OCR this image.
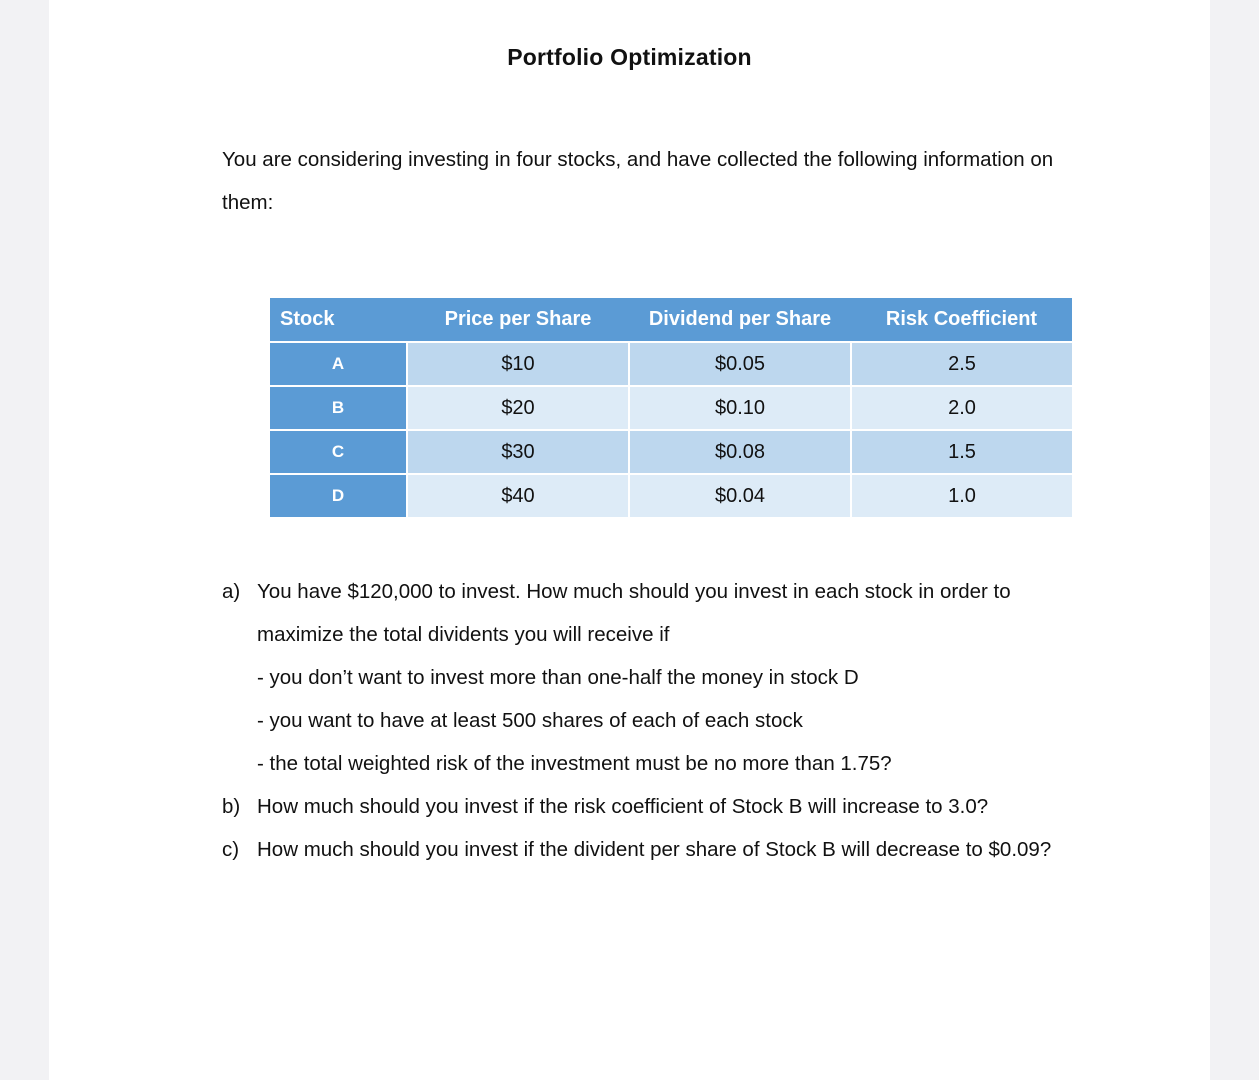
Portfolio Optimization
You are considering investing in four stocks, and have collected the following information on them:
Stock	Price per Share	Dividend per Share	Risk Coefficient
A	$10	$0.05	2.5
B	$20	$0.10	2.0
C	$30	$0.08	1.5
D	$40	$0.04	1.0
a) You have $120,000 to invest. How much should you invest in each stock in order to maximize the total dividents you will receive if
- you don’t want to invest more than one-half the money in stock D
- you want to have at least 500 shares of each of each stock
- the total weighted risk of the investment must be no more than 1.75?
b) How much should you invest if the risk coefficient of Stock B will increase to 3.0?
c) How much should you invest if the divident per share of Stock B will decrease to $0.09?
